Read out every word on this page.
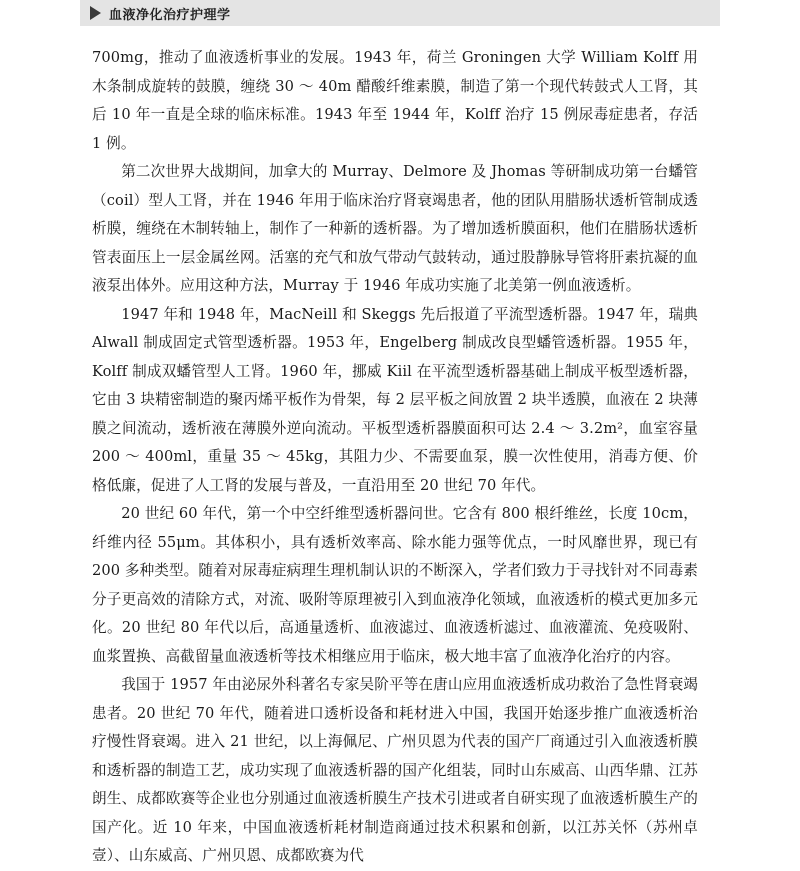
血液净化治疗护理学

700mg，推动了血液透析事业的发展。1943 年，荷兰 Groningen 大学 William Kolff 用木条制成旋转的鼓膜，缠绕 30 ～ 40m 醋酸纤维素膜，制造了第一个现代转鼓式人工肾，其后 10 年一直是全球的临床标准。1943 年至 1944 年，Kolff 治疗 15 例尿毒症患者，存活 1 例。

第二次世界大战期间，加拿大的 Murray、Delmore 及 Jhomas 等研制成功第一台蟠管（coil）型人工肾，并在 1946 年用于临床治疗肾衰竭患者，他的团队用腊肠状透析管制成透析膜，缠绕在木制转轴上，制作了一种新的透析器。为了增加透析膜面积，他们在腊肠状透析管表面压上一层金属丝网。活塞的充气和放气带动气鼓转动，通过股静脉导管将肝素抗凝的血液泵出体外。应用这种方法，Murray 于 1946 年成功实施了北美第一例血液透析。

1947 年和 1948 年，MacNeill 和 Skeggs 先后报道了平流型透析器。1947 年，瑞典 Alwall 制成固定式管型透析器。1953 年，Engelberg 制成改良型蟠管透析器。1955 年，Kolff 制成双蟠管型人工肾。1960 年，挪威 Kiil 在平流型透析器基础上制成平板型透析器，它由 3 块精密制造的聚丙烯平板作为骨架，每 2 层平板之间放置 2 块半透膜，血液在 2 块薄膜之间流动，透析液在薄膜外逆向流动。平板型透析器膜面积可达 2.4 ～ 3.2m²，血室容量 200 ～ 400ml，重量 35 ～ 45kg，其阻力少、不需要血泵，膜一次性使用，消毒方便、价格低廉，促进了人工肾的发展与普及，一直沿用至 20 世纪 70 年代。

20 世纪 60 年代，第一个中空纤维型透析器问世。它含有 800 根纤维丝，长度 10cm，纤维内径 55μm。其体积小，具有透析效率高、除水能力强等优点，一时风靡世界，现已有 200 多种类型。随着对尿毒症病理生理机制认识的不断深入，学者们致力于寻找针对不同毒素分子更高效的清除方式，对流、吸附等原理被引入到血液净化领域，血液透析的模式更加多元化。20 世纪 80 年代以后，高通量透析、血液滤过、血液透析滤过、血液灌流、免疫吸附、血浆置换、高截留量血液透析等技术相继应用于临床，极大地丰富了血液净化治疗的内容。

我国于 1957 年由泌尿外科著名专家吴阶平等在唐山应用血液透析成功救治了急性肾衰竭患者。20 世纪 70 年代，随着进口透析设备和耗材进入中国，我国开始逐步推广血液透析治疗慢性肾衰竭。进入 21 世纪，以上海佩尼、广州贝恩为代表的国产厂商通过引入血液透析膜和透析器的制造工艺，成功实现了血液透析器的国产化组装，同时山东威高、山西华鼎、江苏朗生、成都欧赛等企业也分别通过血液透析膜生产技术引进或者自研实现了血液透析膜生产的国产化。近 10 年来，中国血液透析耗材制造商通过技术积累和创新，以江苏关怀（苏州卓壹）、山东威高、广州贝恩、成都欧赛为代
